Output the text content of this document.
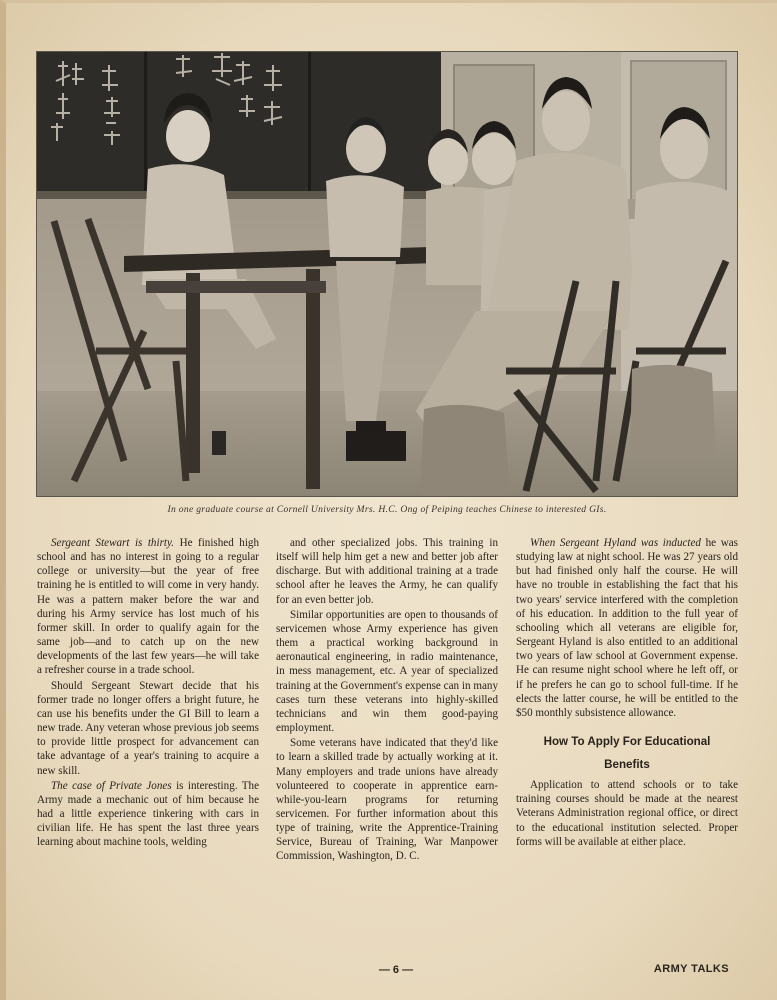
In one graduate course at Cornell University Mrs. H.C. Ong of Peiping teaches Chinese to interested GIs.

Sergeant Stewart is thirty. He finished high school and has no interest in going to a regular college or university—but the year of free training he is entitled to will come in very handy. He was a pattern maker before the war and during his Army service has lost much of his former skill. In order to qualify again for the same job—and to catch up on the new developments of the last few years—he will take a refresher course in a trade school.

Should Sergeant Stewart decide that his former trade no longer offers a bright future, he can use his benefits under the GI Bill to learn a new trade. Any veteran whose previous job seems to provide little prospect for advancement can take advantage of a year's training to acquire a new skill.

The case of Private Jones is interesting. The Army made a mechanic out of him because he had a little experience tinkering with cars in civilian life. He has spent the last three years learning about machine tools, welding

and other specialized jobs. This training in itself will help him get a new and better job after discharge. But with additional training at a trade school after he leaves the Army, he can qualify for an even better job.

Similar opportunities are open to thousands of servicemen whose Army experience has given them a practical working background in aeronautical engineering, in radio maintenance, in mess management, etc. A year of specialized training at the Government's expense can in many cases turn these veterans into highly-skilled technicians and win them good-paying employment.

Some veterans have indicated that they'd like to learn a skilled trade by actually working at it. Many employers and trade unions have already volunteered to cooperate in apprentice earn-while-you-learn programs for returning servicemen. For further information about this type of training, write the Apprentice-Training Service, Bureau of Training, War Manpower Commission, Washington, D. C.

When Sergeant Hyland was inducted he was studying law at night school. He was 27 years old but had finished only half the course. He will have no trouble in establishing the fact that his two years' service interfered with the completion of his education. In addition to the full year of schooling which all veterans are eligible for, Sergeant Hyland is also entitled to an additional two years of law school at Government expense. He can resume night school where he left off, or if he prefers he can go to school full-time. If he elects the latter course, he will be entitled to the $50 monthly subsistence allowance.

How To Apply For Educational
Benefits

Application to attend schools or to take training courses should be made at the nearest Veterans Administration regional office, or direct to the educational institution selected. Proper forms will be available at either place.

— 6 —	ARMY TALKS
